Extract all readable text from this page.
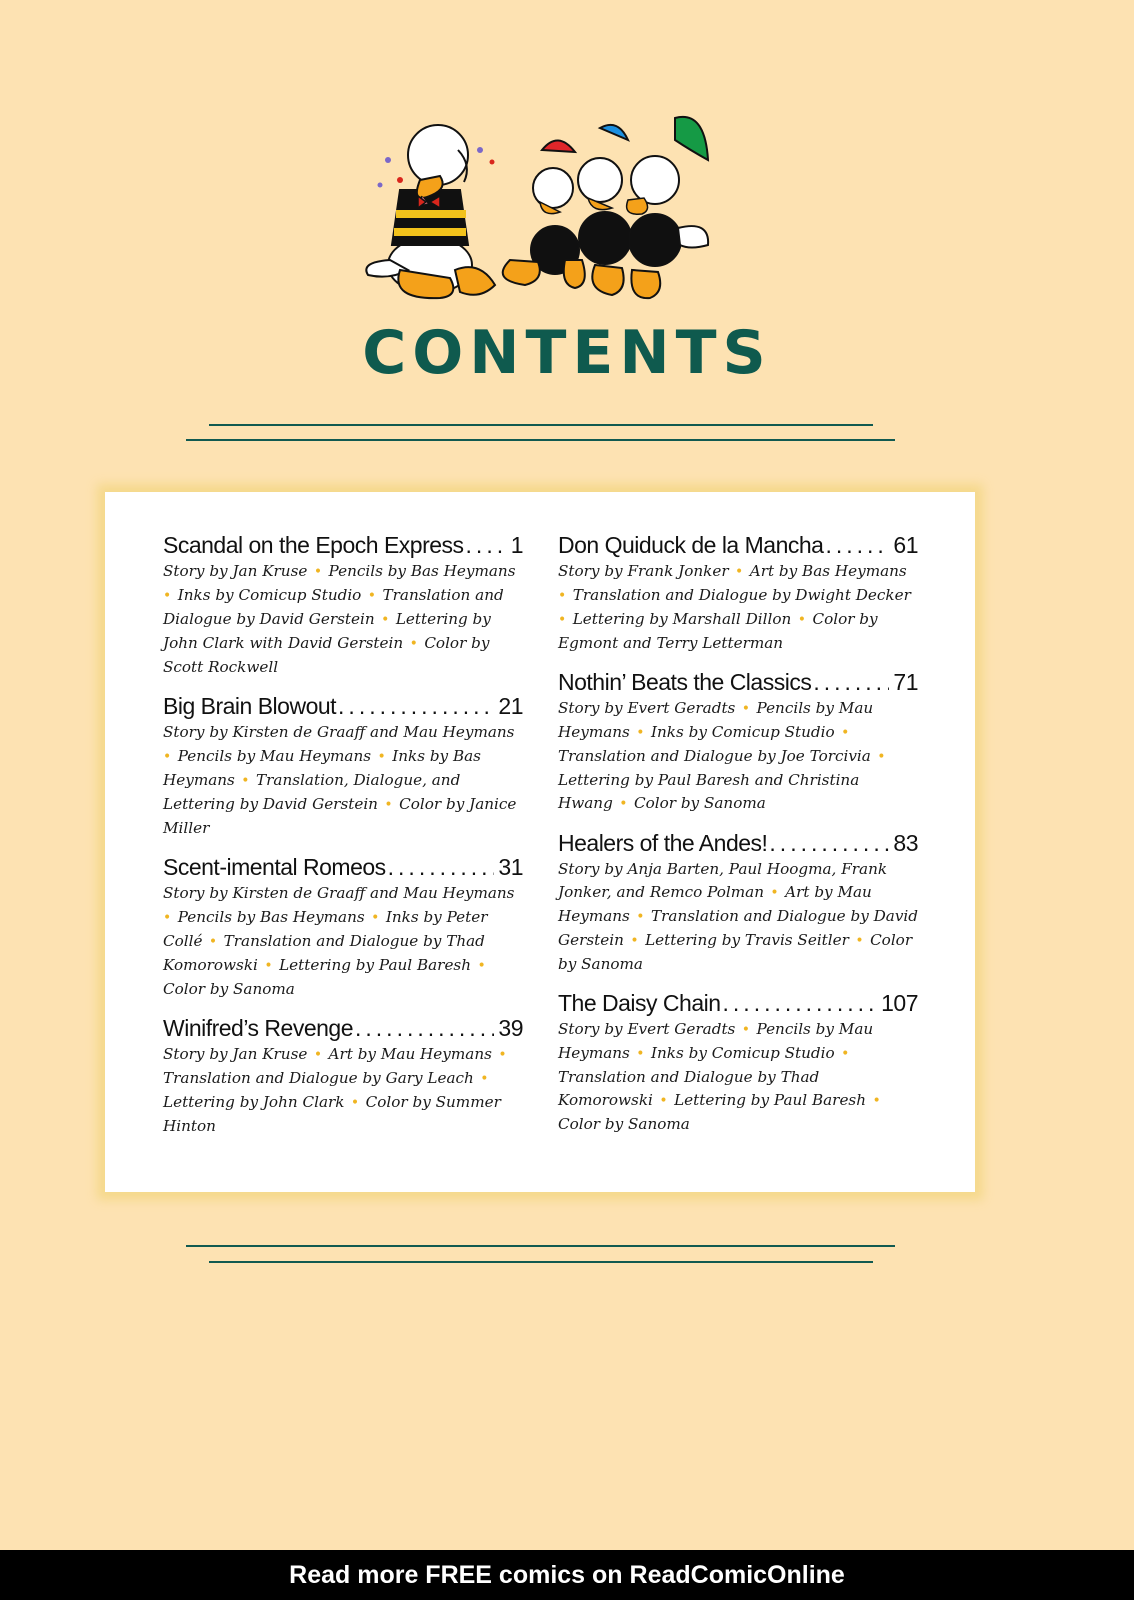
CONTENTS
Scandal on the Epoch Express ..... 1

Story by Jan Kruse • Pencils by Bas Heymans • Inks by Comicup Studio • Translation and Dialogue by David Gerstein • Lettering by John Clark with David Gerstein • Color by Scott Rockwell

Big Brain Blowout .....	21

Story by Kirsten de Graaff and Mau Heymans • Pencils by Mau Heymans • Inks by Bas Heymans • Translation, Dialogue, and Lettering by David Gerstein • Color by Janice Miller

Scent-imental Romeos .....	31

Story by Kirsten de Graaff and Mau Heymans • Pencils by Bas Heymans • Inks by Peter Collé • Translation and Dialogue by Thad Komorowski • Lettering by Paul Baresh • Color by Sanoma

Winifred’s Revenge .....	39

Story by Jan Kruse • Art by Mau Heymans • Translation and Dialogue by Gary Leach • Lettering by John Clark • Color by Summer Hinton

Don Quiduck de la Mancha .....	61

Story by Frank Jonker • Art by Bas Heymans • Translation and Dialogue by Dwight Decker • Lettering by Marshall Dillon • Color by Egmont and Terry Letterman

Nothin’ Beats the Classics .....	71

Story by Evert Geradts • Pencils by Mau Heymans • Inks by Comicup Studio • Translation and Dialogue by Joe Torcivia • Lettering by Paul Baresh and Christina Hwang • Color by Sanoma

Healers of the Andes! .....	83

Story by Anja Barten, Paul Hoogma, Frank Jonker, and Remco Polman • Art by Mau Heymans • Translation and Dialogue by David Gerstein • Lettering by Travis Seitler • Color by Sanoma

The Daisy Chain .....	107

Story by Evert Geradts • Pencils by Mau Heymans • Inks by Comicup Studio • Translation and Dialogue by Thad Komorowski • Lettering by Paul Baresh • Color by Sanoma

Read more FREE comics on ReadComicOnline
